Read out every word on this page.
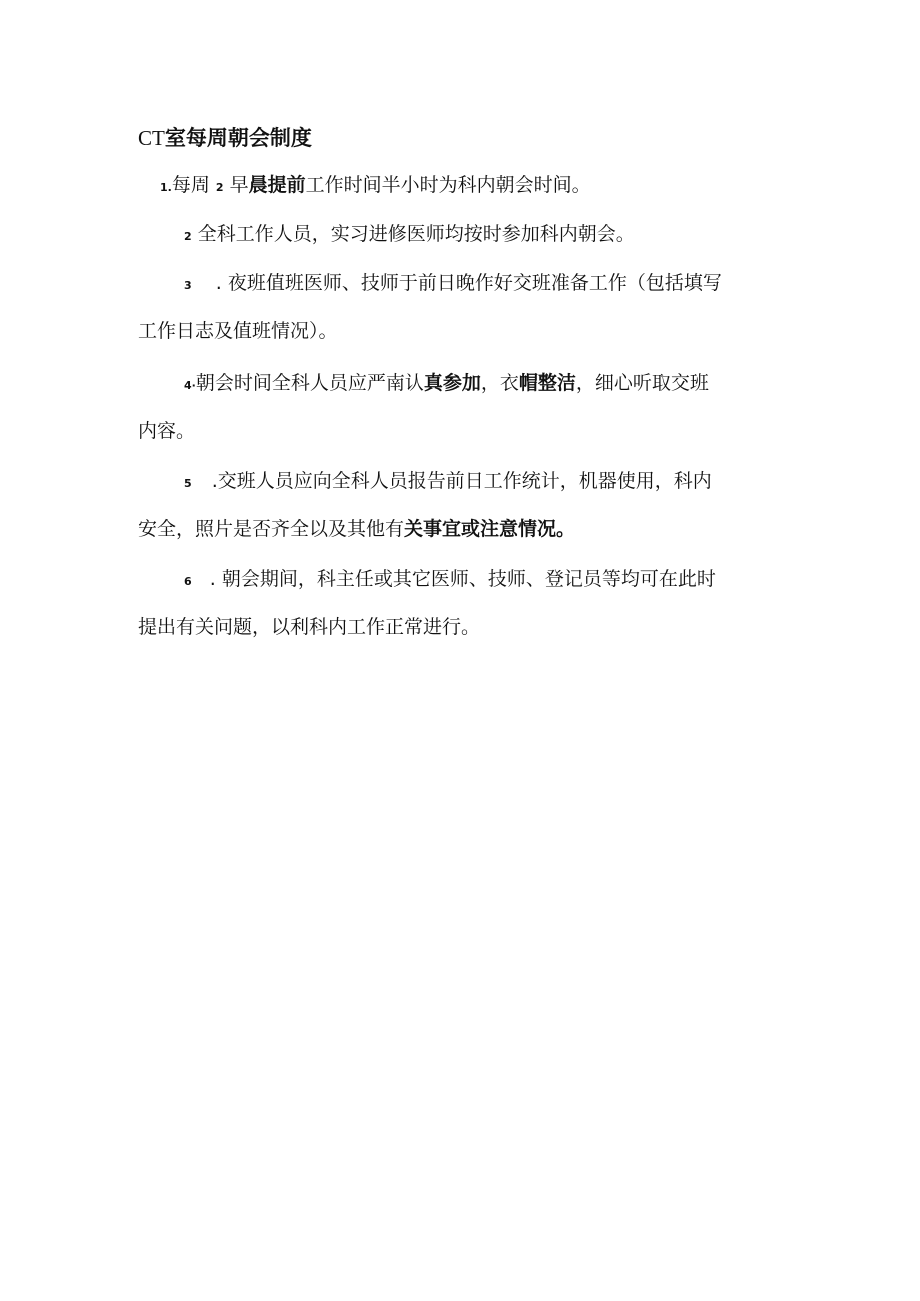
CT室每周朝会制度
1.每周 2 早晨提前工作时间半小时为科内朝会时间。
2 全科工作人员，实习进修医师均按时参加科内朝会。
3 . 夜班值班医师、技师于前日晚作好交班准备工作（包括填写
工作日志及值班情况）。
4·朝会时间全科人员应严南认真参加，衣帽整洁，细心听取交班
内容。
5 .交班人员应向全科人员报告前日工作统计，机器使用，科内
安全，照片是否齐全以及其他有关事宜或注意情况。
6 . 朝会期间，科主任或其它医师、技师、登记员等均可在此时
提出有关问题，以利科内工作正常进行。
